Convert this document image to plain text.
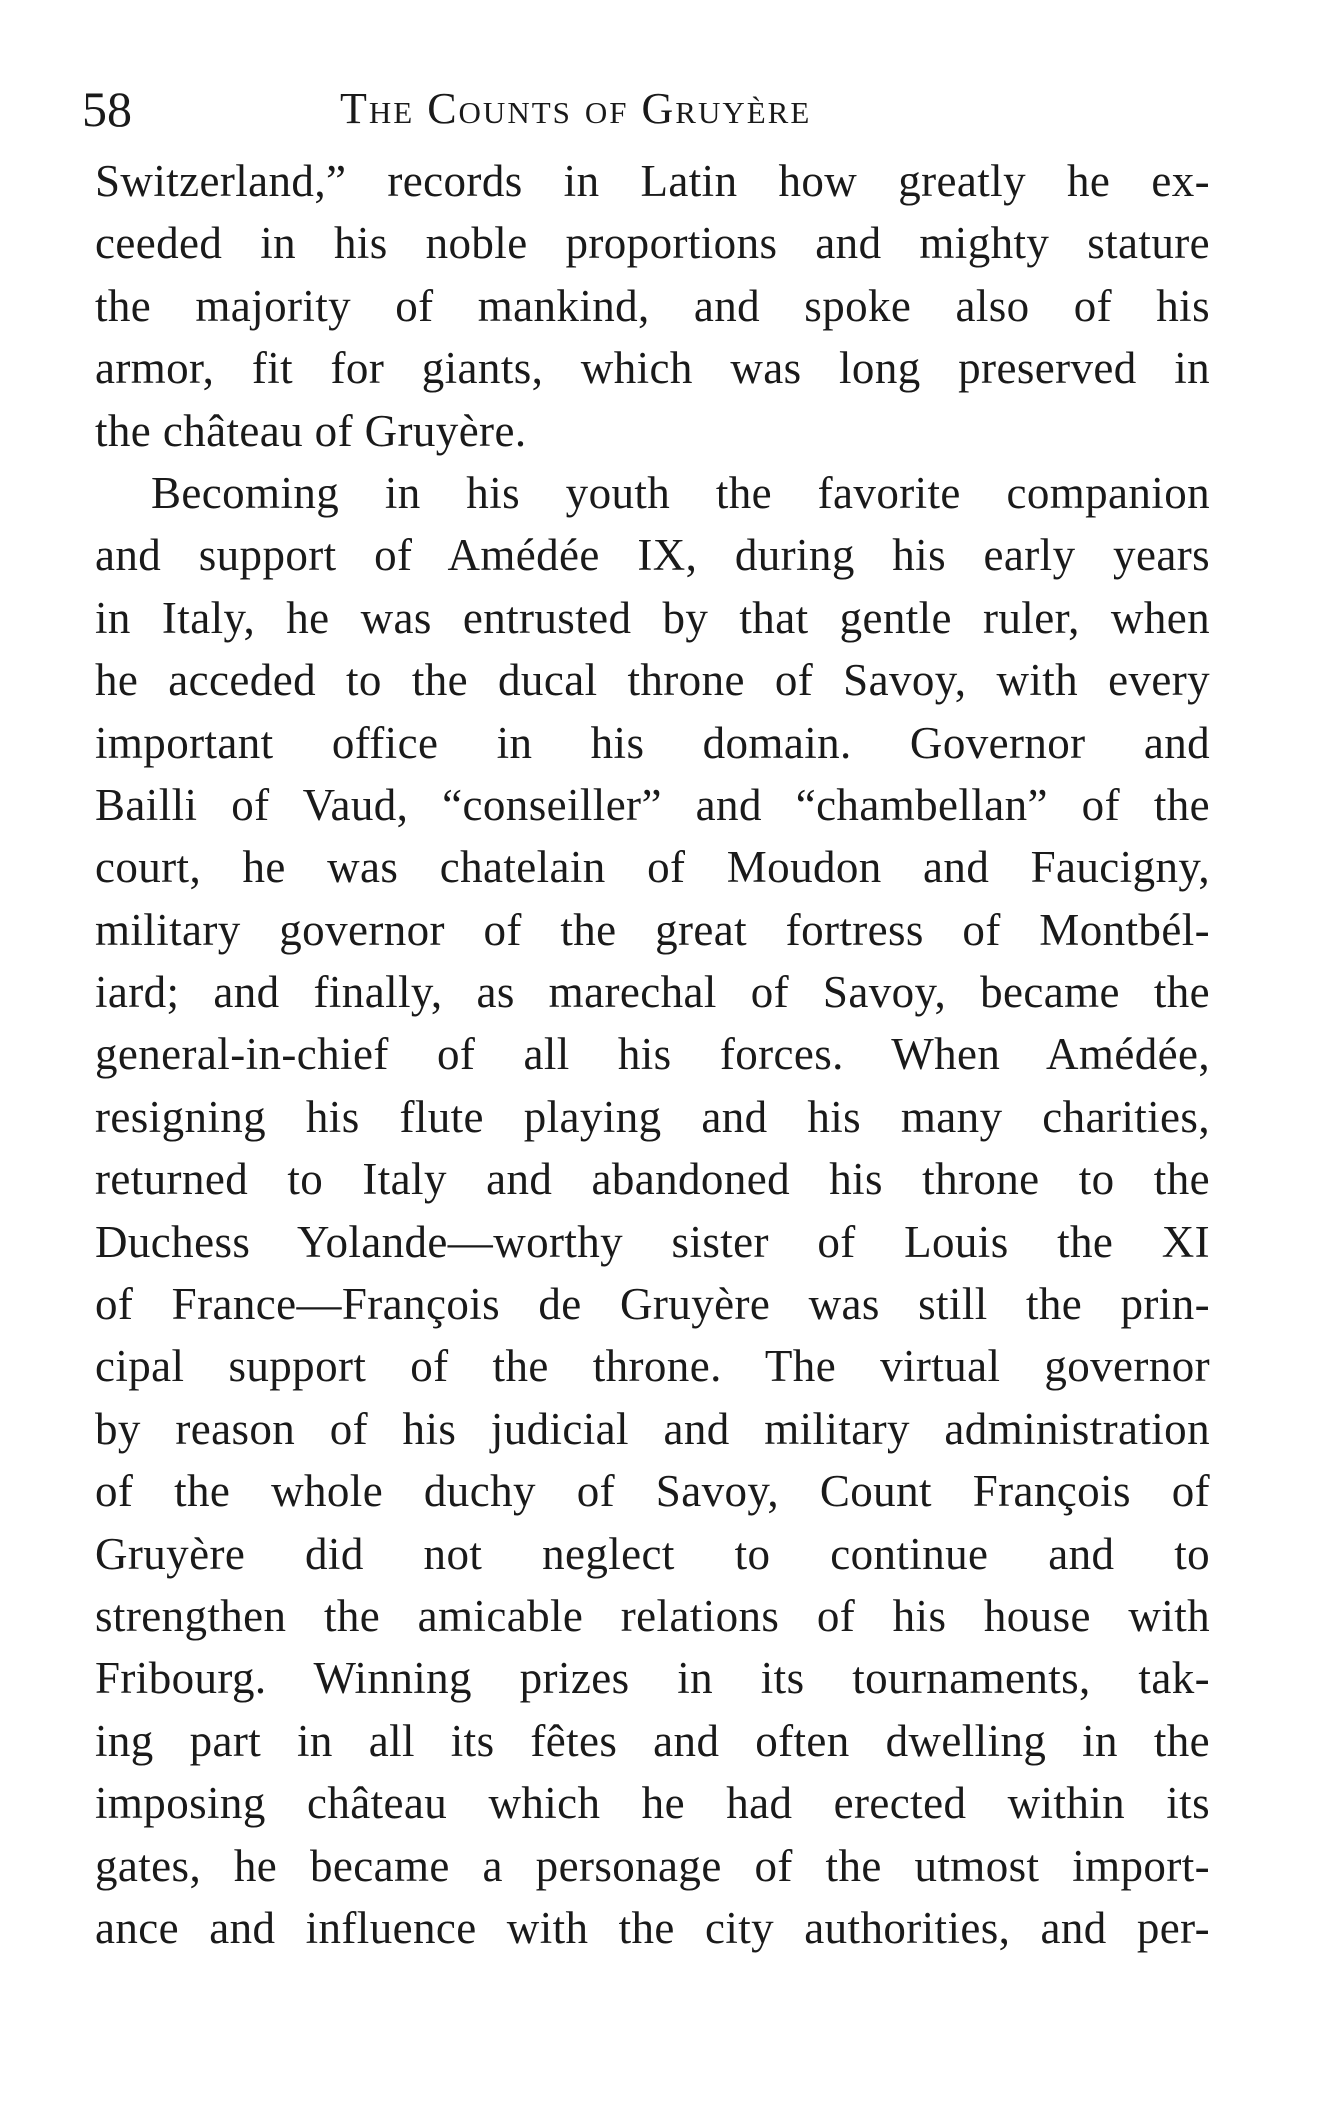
58	The Counts of Gruyère
Switzerland,” records in Latin how greatly he ex-
ceeded in his noble proportions and mighty stature
the majority of mankind, and spoke also of his
armor, fit for giants, which was long preserved in
the château of Gruyère.
Becoming in his youth the favorite companion
and support of Amédée IX, during his early years
in Italy, he was entrusted by that gentle ruler, when
he acceded to the ducal throne of Savoy, with every
important office in his domain. Governor and
Bailli of Vaud, “conseiller” and “chambellan” of the
court, he was chatelain of Moudon and Faucigny,
military governor of the great fortress of Montbél-
iard; and finally, as marechal of Savoy, became the
general-in-chief of all his forces. When Amédée,
resigning his flute playing and his many charities,
returned to Italy and abandoned his throne to the
Duchess Yolande—worthy sister of Louis the XI
of France—François de Gruyère was still the prin-
cipal support of the throne. The virtual governor
by reason of his judicial and military administration
of the whole duchy of Savoy, Count François of
Gruyère did not neglect to continue and to
strengthen the amicable relations of his house with
Fribourg. Winning prizes in its tournaments, tak-
ing part in all its fêtes and often dwelling in the
imposing château which he had erected within its
gates, he became a personage of the utmost import-
ance and influence with the city authorities, and per-
